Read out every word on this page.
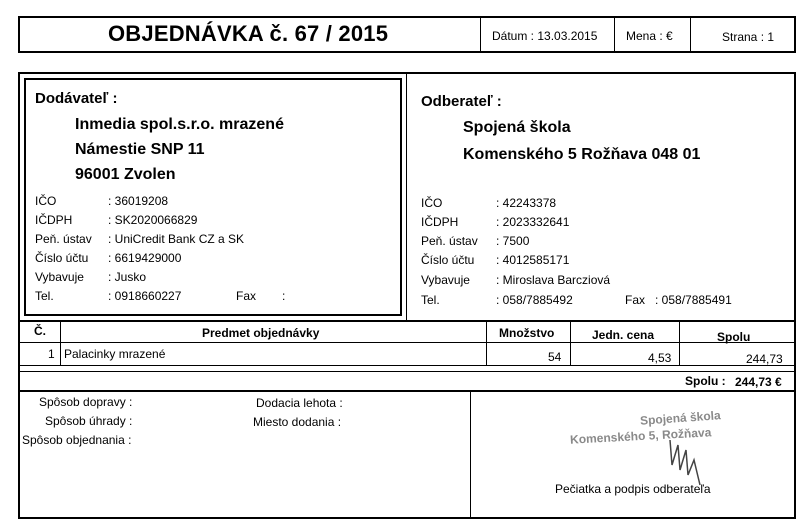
OBJEDNÁVKA č. 67 / 2015	Dátum : 13.03.2015 Mena : €	Strana : 1
Dodávateľ :
Inmedia spol.s.r.o. mrazené
Námestie SNP 11
96001 Zvolen
IČO	: 36019208
IČDPH	: SK2020066829
Peň. ústav : UniCredit Bank CZ a SK
Číslo účtu : 6619429000
Vybavuje : Jusko
Tel.	: 0918660227	Fax :
Odberateľ :
Spojená škola
Komenského 5 Rožňava 048 01
IČO	: 42243378
IČDPH	: 2023332641
Peň. ústav : 7500
Číslo účtu : 4012585171
Vybavuje : Miroslava Barcziová
Tel.	: 058/7885492	Fax : 058/7885491
Č.	Predmet objednávky	Množstvo	Jedn. cena	Spolu
1 Palacinky mrazené	54	4,53	244,73
Spolu : 244,73 €
Spôsob dopravy :
Spôsob úhrady :
Spôsob objednania :
Dodacia lehota :
Miesto dodania :	Spojená škola
Komenského 5, Rožňava
Pečiatka a podpis odberateľa
